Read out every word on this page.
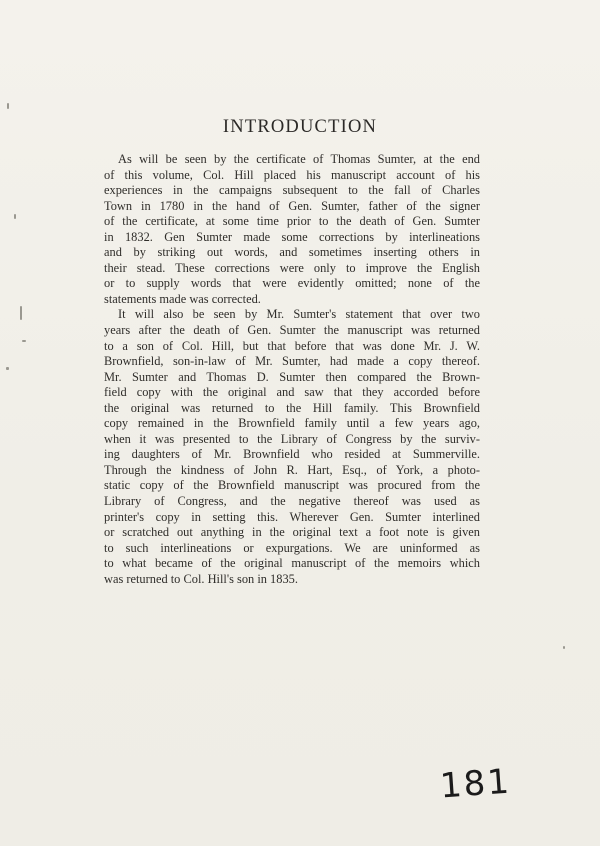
INTRODUCTION
As will be seen by the certificate of Thomas Sumter, at the end
of this volume, Col. Hill placed his manuscript account of his
experiences in the campaigns subsequent to the fall of Charles
Town in 1780 in the hand of Gen. Sumter, father of the signer
of the certificate, at some time prior to the death of Gen. Sumter
in 1832. Gen Sumter made some corrections by interlineations
and by striking out words, and sometimes inserting others in
their stead. These corrections were only to improve the English
or to supply words that were evidently omitted; none of the
statements made was corrected.
It will also be seen by Mr. Sumter's statement that over two
years after the death of Gen. Sumter the manuscript was returned
to a son of Col. Hill, but that before that was done Mr. J. W.
Brownfield, son-in-law of Mr. Sumter, had made a copy thereof.
Mr. Sumter and Thomas D. Sumter then compared the Brown-
field copy with the original and saw that they accorded before
the original was returned to the Hill family. This Brownfield
copy remained in the Brownfield family until a few years ago,
when it was presented to the Library of Congress by the surviv-
ing daughters of Mr. Brownfield who resided at Summerville.
Through the kindness of John R. Hart, Esq., of York, a photo-
static copy of the Brownfield manuscript was procured from the
Library of Congress, and the negative thereof was used as
printer's copy in setting this. Wherever Gen. Sumter interlined
or scratched out anything in the original text a foot note is given
to such interlineations or expurgations. We are uninformed as
to what became of the original manuscript of the memoirs which
was returned to Col. Hill's son in 1835.
181
